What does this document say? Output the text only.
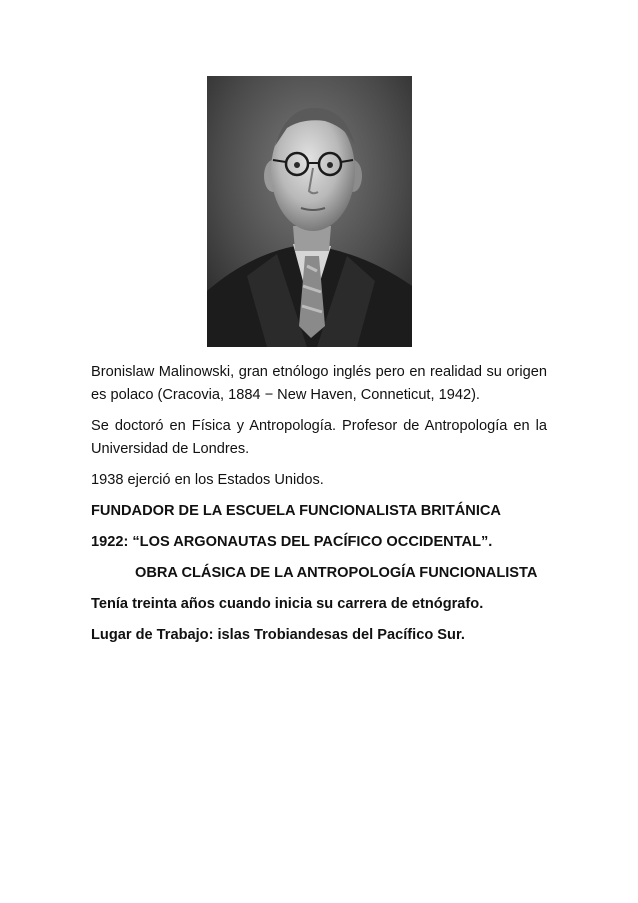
Bronislaw Malinowski, gran etnólogo inglés pero en realidad su origen es polaco (Cracovia, 1884 − New Haven, Conneticut, 1942).

Se doctoró en Física y Antropología. Profesor de Antropología en la Universidad de Londres.

1938 ejerció en los Estados Unidos.

FUNDADOR DE LA ESCUELA FUNCIONALISTA BRITÁNICA

1922: “LOS ARGONAUTAS DEL PACÍFICO OCCIDENTAL”.

OBRA CLÁSICA DE LA ANTROPOLOGÍA FUNCIONALISTA

Tenía treinta años cuando inicia su carrera de etnógrafo.

Lugar de Trabajo: islas Trobiandesas del Pacífico Sur.
